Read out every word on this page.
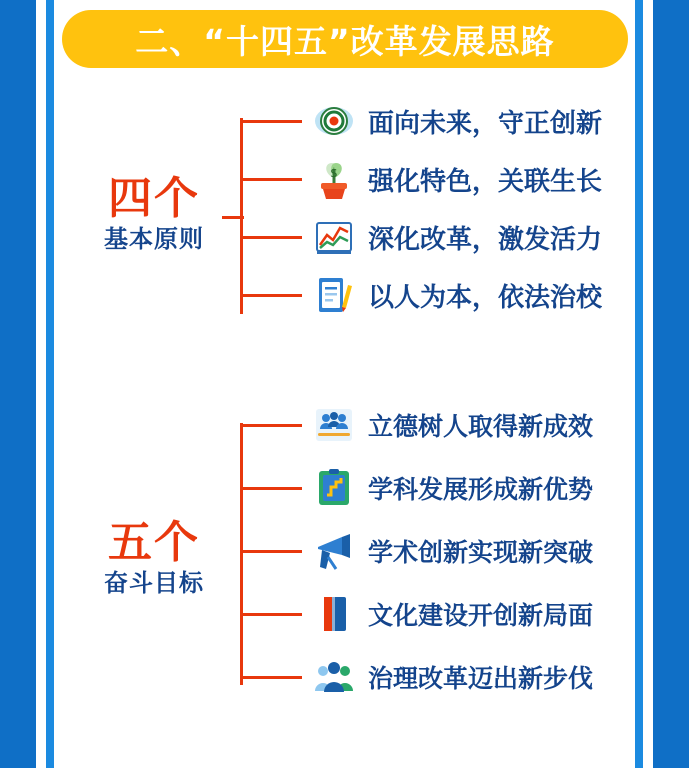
二、“十四五”改革发展思路
四个
基本原则
面向未来，守正创新
$ 强化特色，关联生长
深化改革，激发活力
以人为本，依法治校
五个
奋斗目标
立德树人取得新成效
学科发展形成新优势
学术创新实现新突破
文化建设开创新局面
治理改革迈出新步伐
